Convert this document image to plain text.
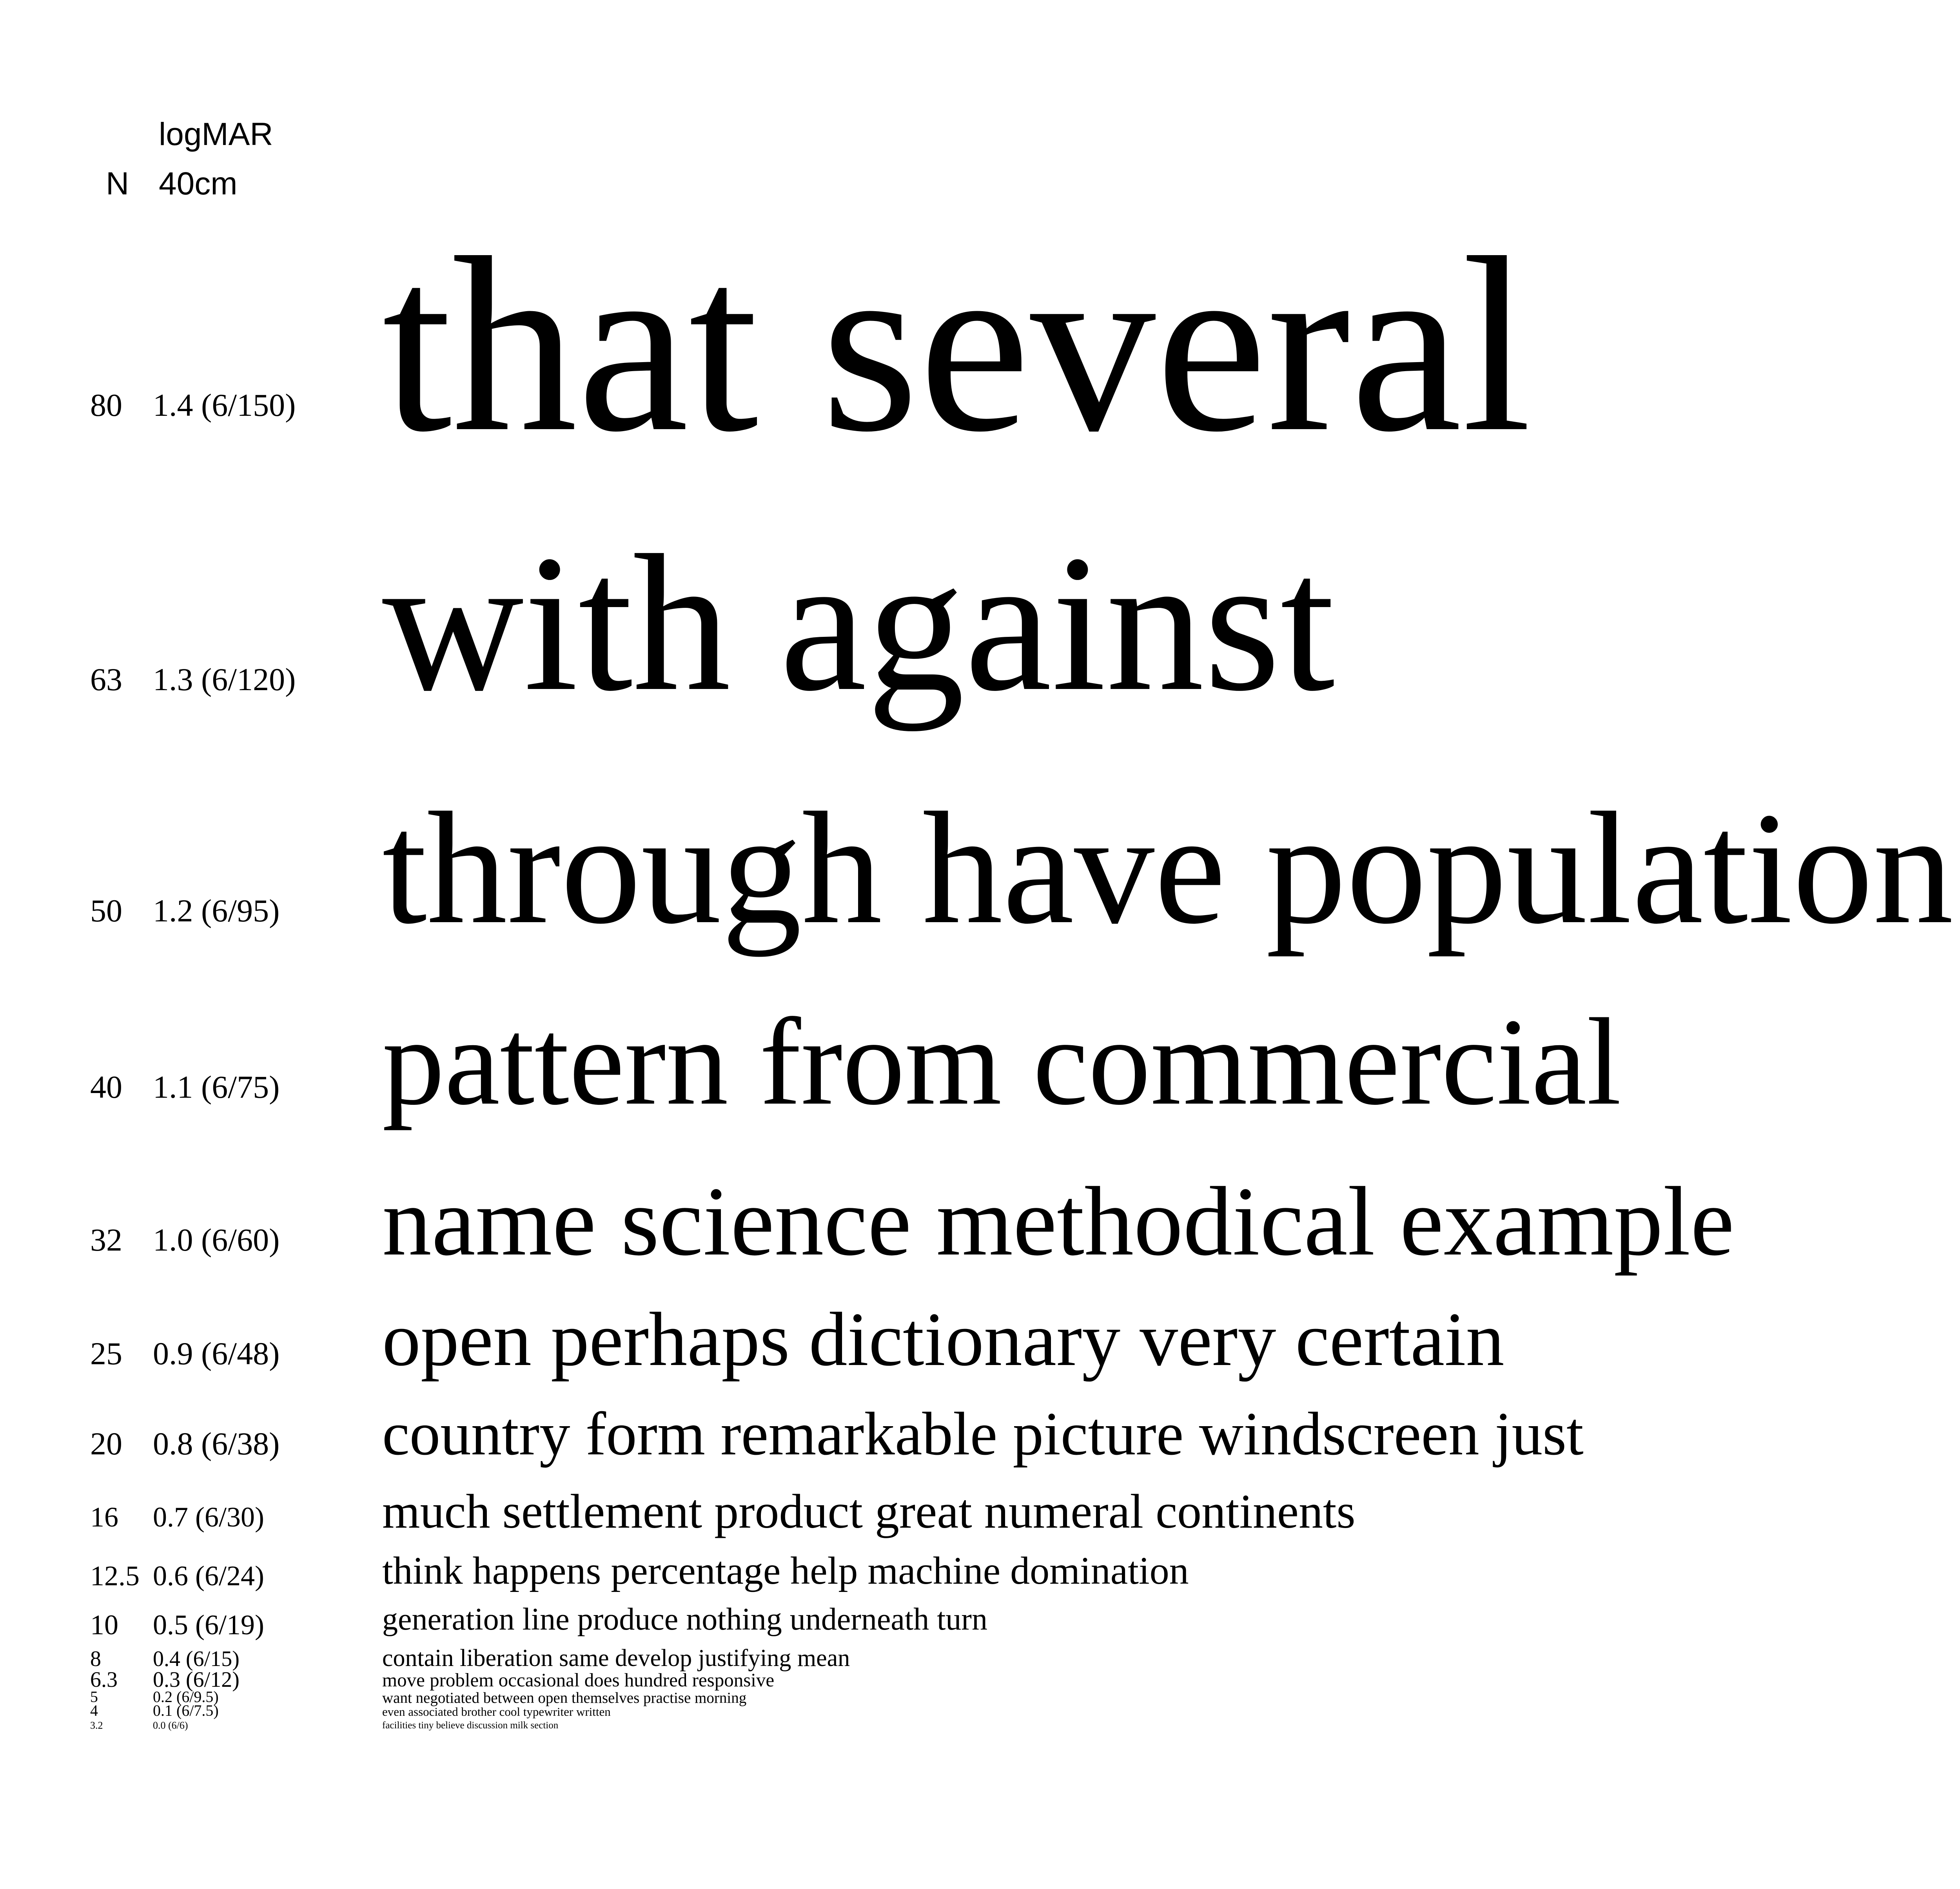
logMAR
N 40cm
80 1.4 (6/150) that several
63 1.3 (6/120) with against
50 1.2 (6/95) through have population
40 1.1 (6/75) pattern from commercial
32 1.0 (6/60) name science methodical example
25 0.9 (6/48) open perhaps dictionary very certain
20 0.8 (6/38) country form remarkable picture windscreen just
16 0.7 (6/30) much settlement product great numeral continents
12.5 0.6 (6/24)	think happens percentage help machine domination
10 0.5 (6/19)	generation line produce nothing underneath turn
8 0.4 (6/15)	contain liberation same develop justifying mean
6.3 0.3 (6/12)	move problem occasional does hundred responsive
5	0.2 (6/9.5)	want negotiated between open themselves practise morning
4	0.1 (6/7.5)	even associated brother cool typewriter written
3.2	0.0 (6/6)	facilities tiny believe discussion milk section
